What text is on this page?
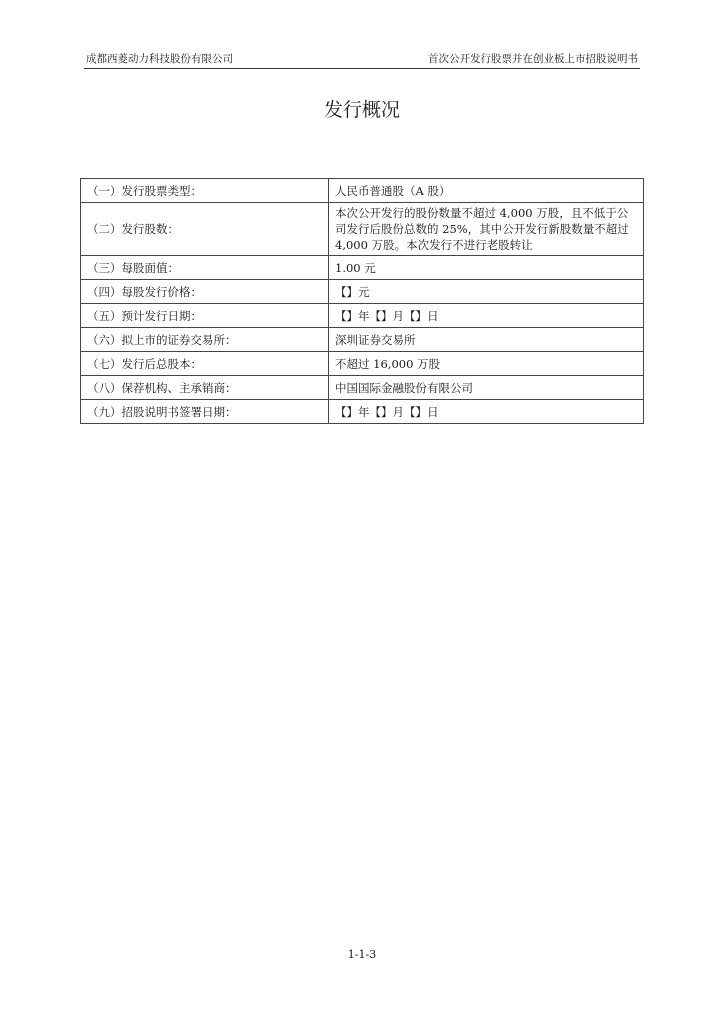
成都西菱动力科技股份有限公司	首次公开发行股票并在创业板上市招股说明书
发行概况
（一）发行股票类型：	人民币普通股（A 股）
（二）发行股数：	本次公开发行的股份数量不超过 4,000 万股，且不低于公司发行后股份总数的 25%，其中公开发行新股数量不超过 4,000 万股。本次发行不进行老股转让
（三）每股面值：	1.00 元
（四）每股发行价格：	【】元
（五）预计发行日期：	【】年【】月【】日
（六）拟上市的证券交易所：	深圳证券交易所
（七）发行后总股本：	不超过 16,000 万股
（八）保荐机构、主承销商：	中国国际金融股份有限公司
（九）招股说明书签署日期：	【】年【】月【】日
1-1-3
